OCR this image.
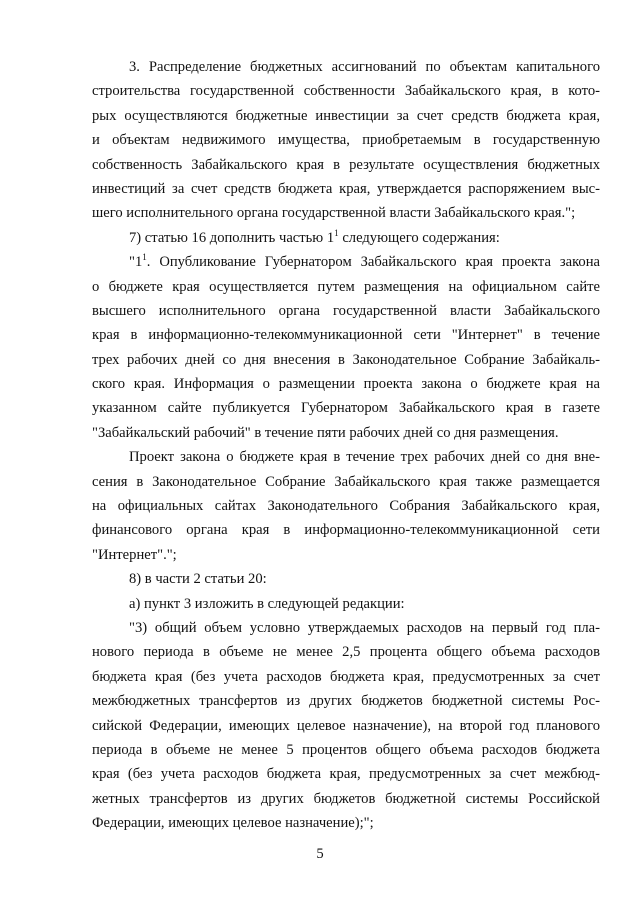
3. Распределение бюджетных ассигнований по объектам капитального
строительства государственной собственности Забайкальского края, в кото-
рых осуществляются бюджетные инвестиции за счет средств бюджета края,
и объектам недвижимого имущества, приобретаемым в государственную
собственность Забайкальского края в результате осуществления бюджетных
инвестиций за счет средств бюджета края, утверждается распоряжением выс-
шего исполнительного органа государственной власти Забайкальского края.";
7) статью 16 дополнить частью $1^1$ следующего содержания:
"$1^1$. Опубликование Губернатором Забайкальского края проекта закона
о бюджете края осуществляется путем размещения на официальном сайте
высшего исполнительного органа государственной власти Забайкальского
края в информационно-телекоммуникационной сети "Интернет" в течение
трех рабочих дней со дня внесения в Законодательное Собрание Забайкаль-
ского края. Информация о размещении проекта закона о бюджете края на
указанном сайте публикуется Губернатором Забайкальского края в газете
"Забайкальский рабочий" в течение пяти рабочих дней со дня размещения.
Проект закона о бюджете края в течение трех рабочих дней со дня вне-
сения в Законодательное Собрание Забайкальского края также размещается
на официальных сайтах Законодательного Собрания Забайкальского края,
финансового органа края в информационно-телекоммуникационной сети
"Интернет".";
8) в части 2 статьи 20:
а) пункт 3 изложить в следующей редакции:
"3) общий объем условно утверждаемых расходов на первый год пла-
нового периода в объеме не менее 2,5 процента общего объема расходов
бюджета края (без учета расходов бюджета края, предусмотренных за счет
межбюджетных трансфертов из других бюджетов бюджетной системы Рос-
сийской Федерации, имеющих целевое назначение), на второй год планового
периода в объеме не менее 5 процентов общего объема расходов бюджета
края (без учета расходов бюджета края, предусмотренных за счет межбюд-
жетных трансфертов из других бюджетов бюджетной системы Российской
Федерации, имеющих целевое назначение);";
5
